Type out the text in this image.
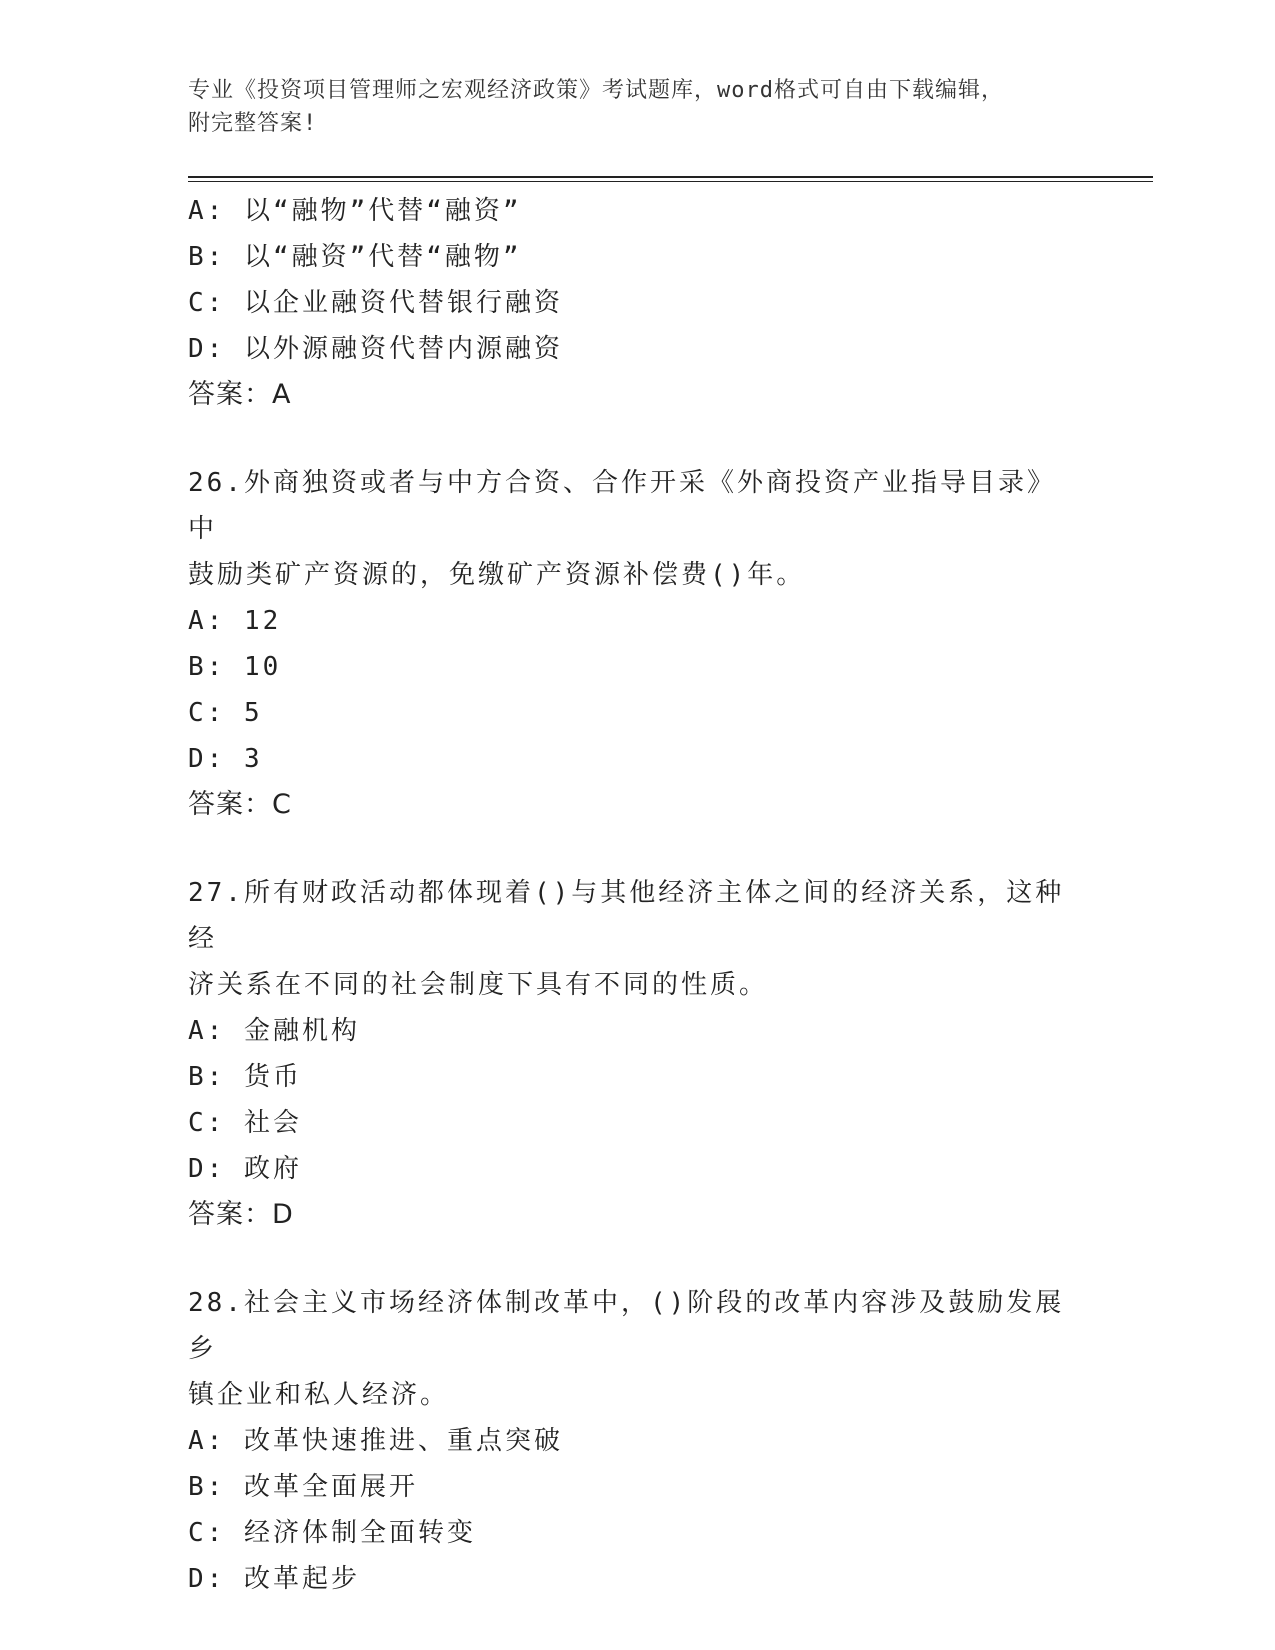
专业《投资项目管理师之宏观经济政策》考试题库，word格式可自由下载编辑，
附完整答案!
A: 以“融物”代替“融资”
B: 以“融资”代替“融物”
C: 以企业融资代替银行融资
D: 以外源融资代替内源融资
答案：A
26.外商独资或者与中方合资、合作开采《外商投资产业指导目录》中
鼓励类矿产资源的，免缴矿产资源补偿费()年。
A: 12
B: 10
C: 5
D: 3
答案：C
27.所有财政活动都体现着()与其他经济主体之间的经济关系，这种经
济关系在不同的社会制度下具有不同的性质。
A: 金融机构
B: 货币
C: 社会
D: 政府
答案：D
28.社会主义市场经济体制改革中，()阶段的改革内容涉及鼓励发展乡
镇企业和私人经济。
A: 改革快速推进、重点突破
B: 改革全面展开
C: 经济体制全面转变
D: 改革起步
